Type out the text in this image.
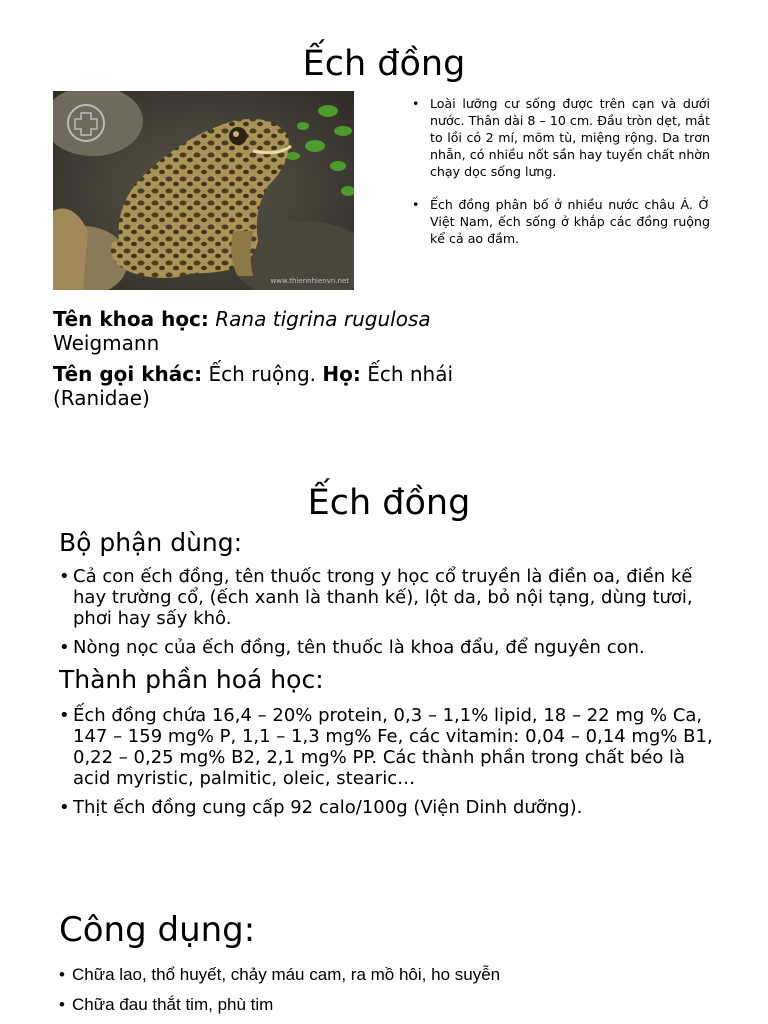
Ếch đồng
www.thiennhienvn.net
• Loài lưỡng cư sống được trên cạn và dưới nước. Thân dài 8 – 10 cm. Đầu tròn dẹt, mắt to lồi có 2 mí, mõm tù, miệng rộng. Da trơn nhẵn, có nhiều nốt sần hay tuyến chất nhờn chạy dọc sống lưng.
• Ếch đồng phân bố ở nhiều nước châu Á. Ở Việt Nam, ếch sống ở khắp các đồng ruộng kể cả ao đầm.
Tên khoa học: Rana tigrina rugulosa Weigmann
Tên gọi khác: Ếch ruộng. Họ: Ếch nhái (Ranidae)
Ếch đồng
Bộ phận dùng:
• Cả con ếch đồng, tên thuốc trong y học cổ truyền là điền oa, điền kế hay trường cổ, (ếch xanh là thanh kế), lột da, bỏ nội tạng, dùng tươi, phơi hay sấy khô.
• Nòng nọc của ếch đồng, tên thuốc là khoa đẩu, để nguyên con.
Thành phần hoá học:
• Ếch đồng chứa 16,4 – 20% protein, 0,3 – 1,1% lipid, 18 – 22 mg % Ca, 147 – 159 mg% P, 1,1 – 1,3 mg% Fe, các vitamin: 0,04 – 0,14 mg% B1, 0,22 – 0,25 mg% B2, 2,1 mg% PP. Các thành phần trong chất béo là acid myristic, palmitic, oleic, stearic…
• Thịt ếch đồng cung cấp 92 calo/100g (Viện Dinh dưỡng).
Công dụng:
• Chữa lao, thổ huyết, chảy máu cam, ra mồ hôi, ho suyễn
• Chữa đau thắt tim, phù tim
